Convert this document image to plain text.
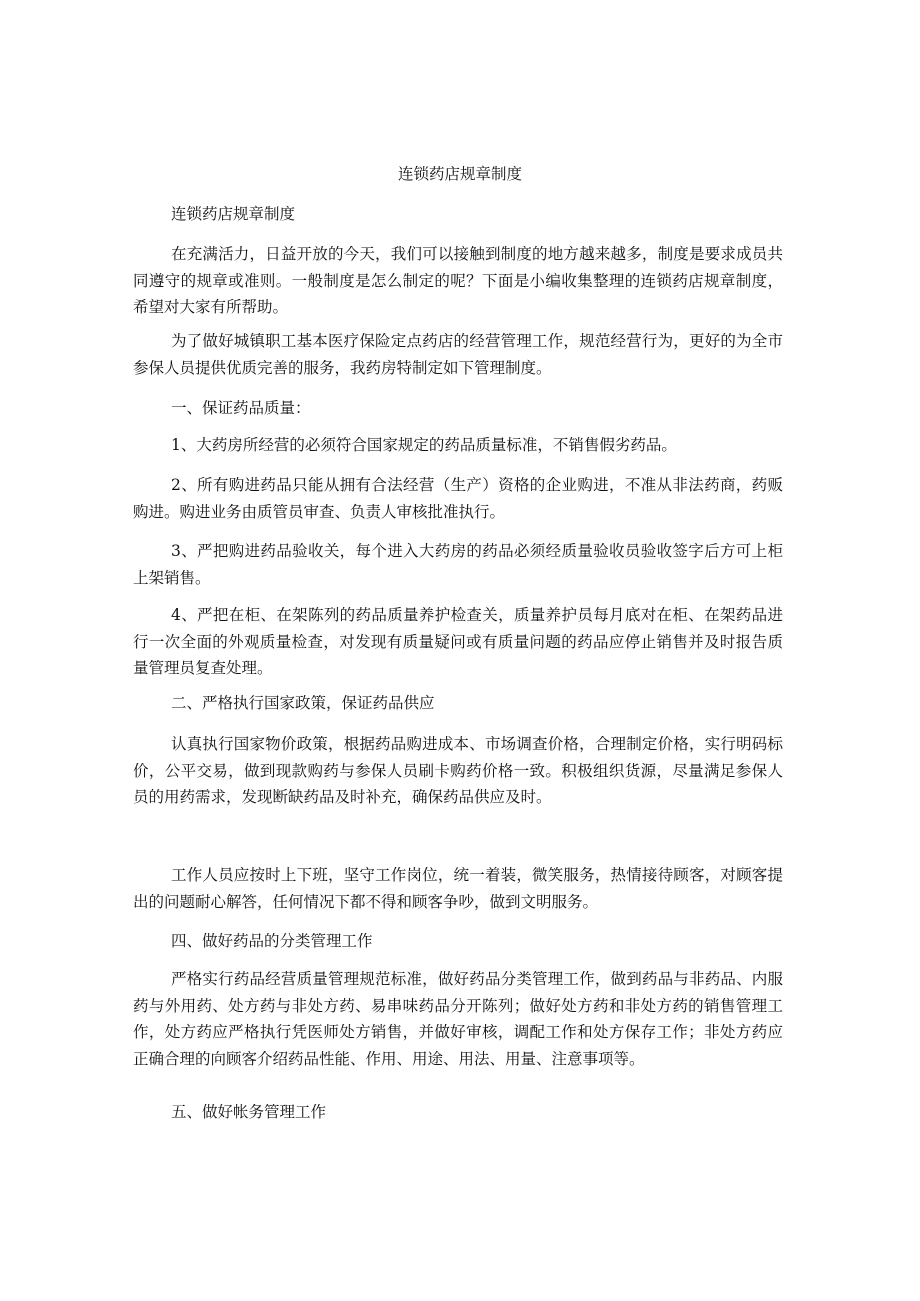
连锁药店规章制度

连锁药店规章制度

在充满活力，日益开放的今天，我们可以接触到制度的地方越来越多，制度是要求成员共同遵守的规章或准则。一般制度是怎么制定的呢？下面是小编收集整理的连锁药店规章制度，希望对大家有所帮助。

为了做好城镇职工基本医疗保险定点药店的经营管理工作，规范经营行为，更好的为全市参保人员提供优质完善的服务，我药房特制定如下管理制度。

一、保证药品质量：

1、大药房所经营的必须符合国家规定的药品质量标准，不销售假劣药品。

2、所有购进药品只能从拥有合法经营（生产）资格的企业购进，不准从非法药商，药贩购进。购进业务由质管员审查、负责人审核批准执行。

3、严把购进药品验收关，每个进入大药房的药品必须经质量验收员验收签字后方可上柜上架销售。

4、严把在柜、在架陈列的药品质量养护检查关，质量养护员每月底对在柜、在架药品进行一次全面的外观质量检查，对发现有质量疑问或有质量问题的药品应停止销售并及时报告质量管理员复查处理。

二、严格执行国家政策，保证药品供应

认真执行国家物价政策，根据药品购进成本、市场调查价格，合理制定价格，实行明码标价，公平交易，做到现款购药与参保人员刷卡购药价格一致。积极组织货源，尽量满足参保人员的用药需求，发现断缺药品及时补充，确保药品供应及时。

工作人员应按时上下班，坚守工作岗位，统一着装，微笑服务，热情接待顾客，对顾客提出的问题耐心解答，任何情况下都不得和顾客争吵，做到文明服务。

四、做好药品的分类管理工作

严格实行药品经营质量管理规范标准，做好药品分类管理工作，做到药品与非药品、内服药与外用药、处方药与非处方药、易串味药品分开陈列；做好处方药和非处方药的销售管理工作，处方药应严格执行凭医师处方销售，并做好审核，调配工作和处方保存工作；非处方药应正确合理的向顾客介绍药品性能、作用、用途、用法、用量、注意事项等。

五、做好帐务管理工作
